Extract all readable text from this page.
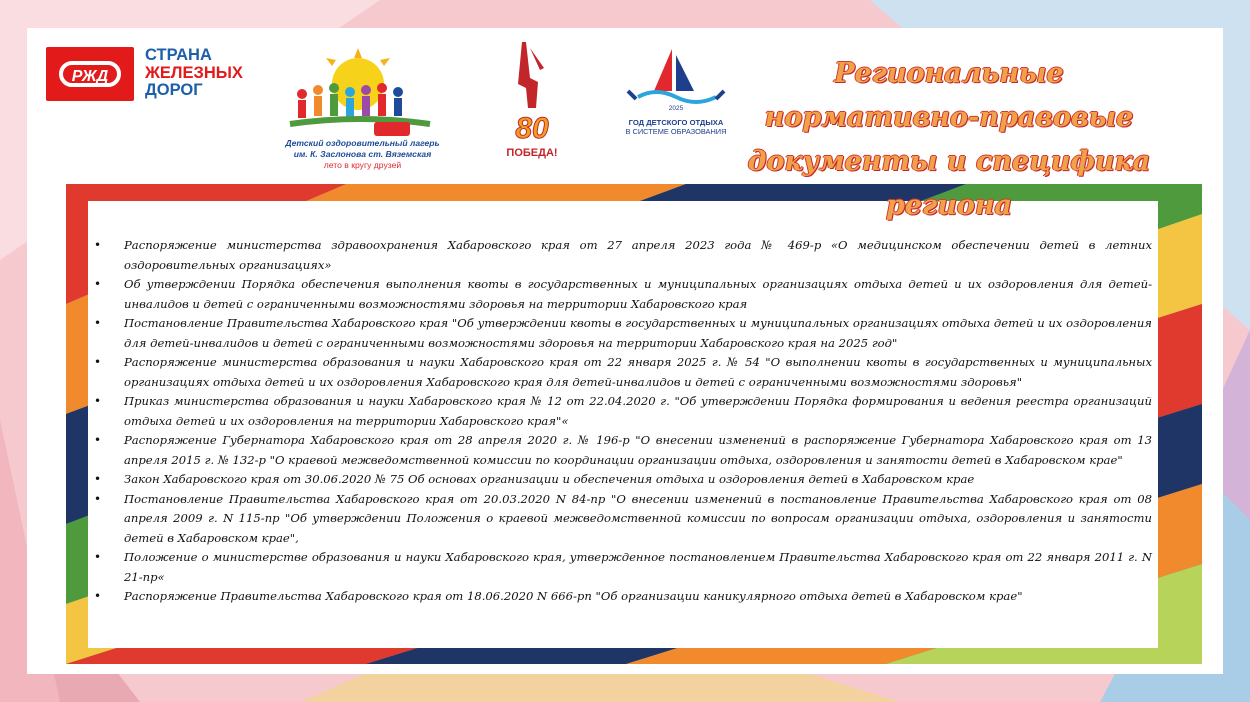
РЖД
СТРАНА
ЖЕЛЕЗНЫХ
ДОРОГ
Детский оздоровительный лагерь
им. К. Заслонова ст. Вяземская
лето в кругу друзей
80
ПОБЕДА!
2025
ГОД ДЕТСКОГО ОТДЫХА
В СИСТЕМЕ ОБРАЗОВАНИЯ
Региональные нормативно-правовые документы и специфика региона
• Распоряжение министерства здравоохранения Хабаровского края от 27 апреля 2023 года № 469-р «О медицинском обеспечении детей в летних оздоровительных организациях»
• Об утверждении Порядка обеспечения выполнения квоты в государственных и муниципальных организациях отдыха детей и их оздоровления для детей-инвалидов и детей с ограниченными возможностями здоровья на территории Хабаровского края
• Постановление Правительства Хабаровского края "Об утверждении квоты в государственных и муниципальных организациях отдыха детей и их оздоровления для детей-инвалидов и детей с ограниченными возможностями здоровья на территории Хабаровского края на 2025 год"
• Распоряжение министерства образования и науки Хабаровского края от 22 января 2025 г. № 54 "О выполнении квоты в государственных и муниципальных организациях отдыха детей и их оздоровления Хабаровского края для детей-инвалидов и детей с ограниченными возможностями здоровья"
• Приказ министерства образования и науки Хабаровского края № 12 от 22.04.2020 г. "Об утверждении Порядка формирования и ведения реестра организаций отдыха детей и их оздоровления на территории Хабаровского края"«
• Распоряжение Губернатора Хабаровского края от 28 апреля 2020 г. № 196-р "О внесении изменений в распоряжение Губернатора Хабаровского края от 13 апреля 2015 г. № 132-р "О краевой межведомственной комиссии по координации организации отдыха, оздоровления и занятости детей в Хабаровском крае"
• Закон Хабаровского края от 30.06.2020 № 75 Об основах организации и обеспечения отдыха и оздоровления детей в Хабаровском крае
• Постановление Правительства Хабаровского края от 20.03.2020 N 84-пр "О внесении изменений в постановление Правительства Хабаровского края от 08 апреля 2009 г. N 115-пр "Об утверждении Положения о краевой межведомственной комиссии по вопросам организации отдыха, оздоровления и занятости детей в Хабаровском крае",
• Положение о министерстве образования и науки Хабаровского края, утвержденное постановлением Правительства Хабаровского края от 22 января 2011 г. N 21-пр«
• Распоряжение Правительства Хабаровского края от 18.06.2020 N 666-рп "Об организации каникулярного отдыха детей в Хабаровском крае"
